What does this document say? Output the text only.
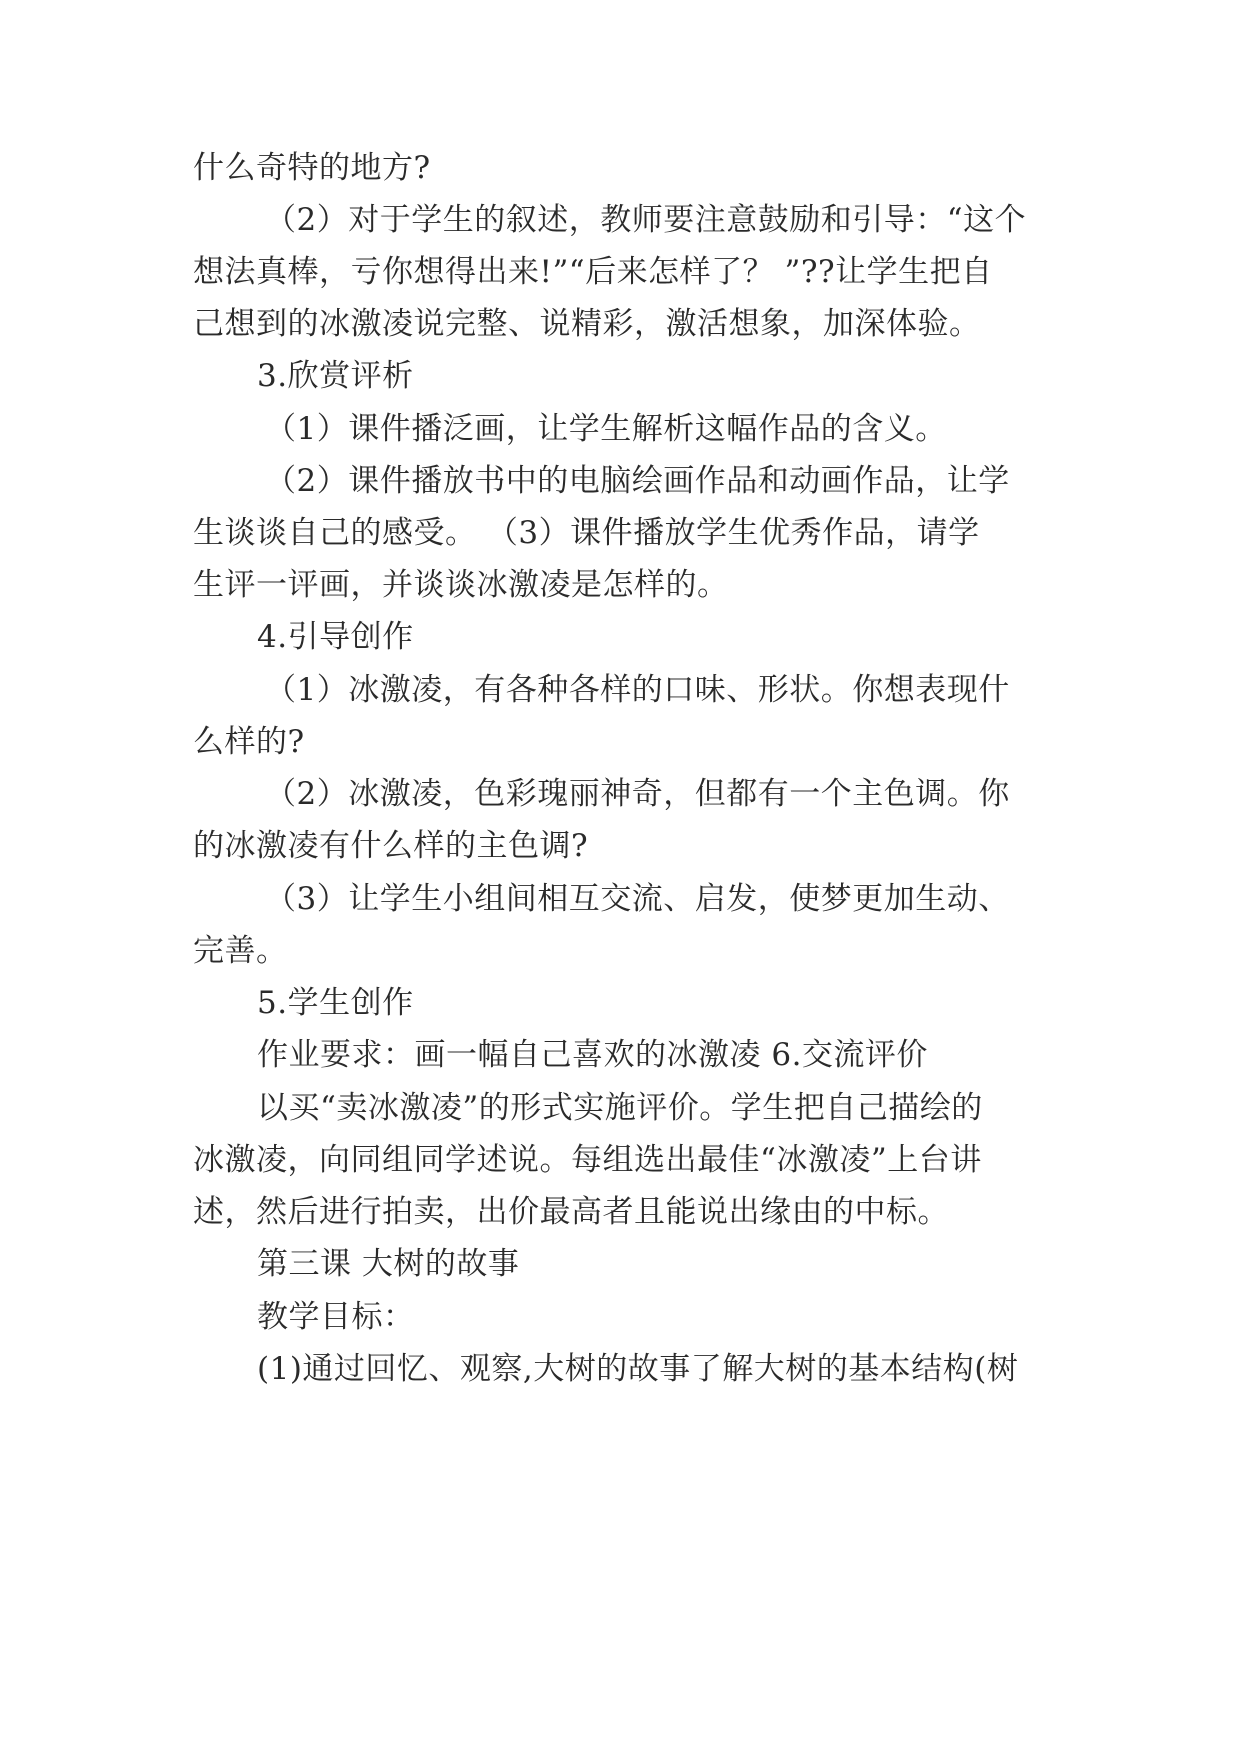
什么奇特的地方?
（2）对于学生的叙述，教师要注意鼓励和引导：“这个
想法真棒，亏你想得出来!”“后来怎样了？ ”??让学生把自
己想到的冰激凌说完整、说精彩，激活想象，加深体验。
3.欣赏评析
（1）课件播泛画，让学生解析这幅作品的含义。
（2）课件播放书中的电脑绘画作品和动画作品，让学
生谈谈自己的感受。 （3）课件播放学生优秀作品，请学
生评一评画，并谈谈冰激凌是怎样的。
4.引导创作
（1）冰激凌，有各种各样的口味、形状。你想表现什
么样的?
（2）冰激凌，色彩瑰丽神奇，但都有一个主色调。你
的冰激凌有什么样的主色调?
（3）让学生小组间相互交流、启发，使梦更加生动、
完善。
5.学生创作
作业要求：画一幅自己喜欢的冰激凌 6.交流评价
以买“卖冰激凌”的形式实施评价。学生把自己描绘的
冰激凌，向同组同学述说。每组选出最佳“冰激凌”上台讲
述，然后进行拍卖，出价最高者且能说出缘由的中标。
第三课 大树的故事
教学目标：
(1)通过回忆、观察,大树的故事了解大树的基本结构(树
